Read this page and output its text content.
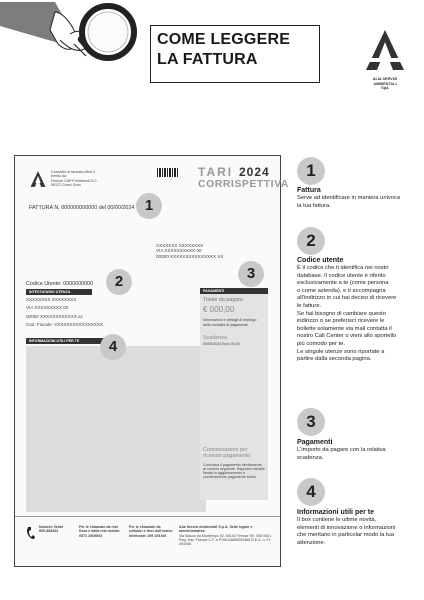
COME LEGGERE
LA FATTURA
ALIA SERVIZI
AMBIENTALI
SpA
Il servizio di raccolta rifiuti è
fornito da
Firenze CAP Pontremoli G.C.
50127 Corso Gran
TARI 2024
CORRISPETTIVA
FATTURA N. 000000000000 del 00/00/2024 1
XXXXXXX XXXXXXXX
VIA XXXXXXXXXX 00
00000 XXXXXXXXXXXXXXX XX
Codice Utente: 0000000000	2
INTESTATARIO UTENZA
XXXXXXXX XXXXXXXX
VIA XXXXXXXXX 00
00000 XXXXXXXXXXXX.xx
Cod. Fiscale: XXXXXXXXXXXXXXXX
INFORMAZIONI UTILI PER TE	4
PAGAMENTI
Totale da pagare
€ 000,00
Informazioni e dettagli di riepilogo delle modalità di pagamento
Scadenza
00/00/2024 Euro 00,00
Comunicazioni per
ricevuto pagamento
Comunica il pagamento direttamente al numero seguente. Rapporto mensile fiscale in aggiornamento e coordinamento pagamento scelto.
3
Numero Verde
800-888333
Per le chiamate da rete
fissa e dalla rete mobile
0571 1969503
Per le chiamate da
cellulari e fissi dall'estero
telefonare 199 105105
Alia Servizi Ambientali S.p.A. Sede legale e amministrativa:
Via Baccio da Montelupo 52, 50142 Firenze Tel. 055 0041
Reg. Imp. Firenze C.F. e P.IVA 04855090488 R.E.A. n. FI-491906
1
Fattura
Serve ad identificare in maniera univoca
la tua fattura.
2
Codice utente
È il codice che ti identifica nei nostri
database. Il codice utente è riferito
esclusivamente a te (come persona
o come azienda), e ti accompagna
all'indirizzo in cui hai deciso di ricevere
le fatture.
Se hai bisogno di cambiare questo
indirizzo o se preferisci ricevere le
bollette solamente via mail contatta il
nostro Call Center o vieni allo sportello
più comodo per te.
Le singole utenze sono riportate a
partire dalla seconda pagina.
3
Pagamenti
L'importo da pagare con la relativa
scadenza.
4
Informazioni utili per te
Il box contiene le ultime novità,
elementi di innovazione o informazioni
che meritano in particolar modo la tua
attenzione.
